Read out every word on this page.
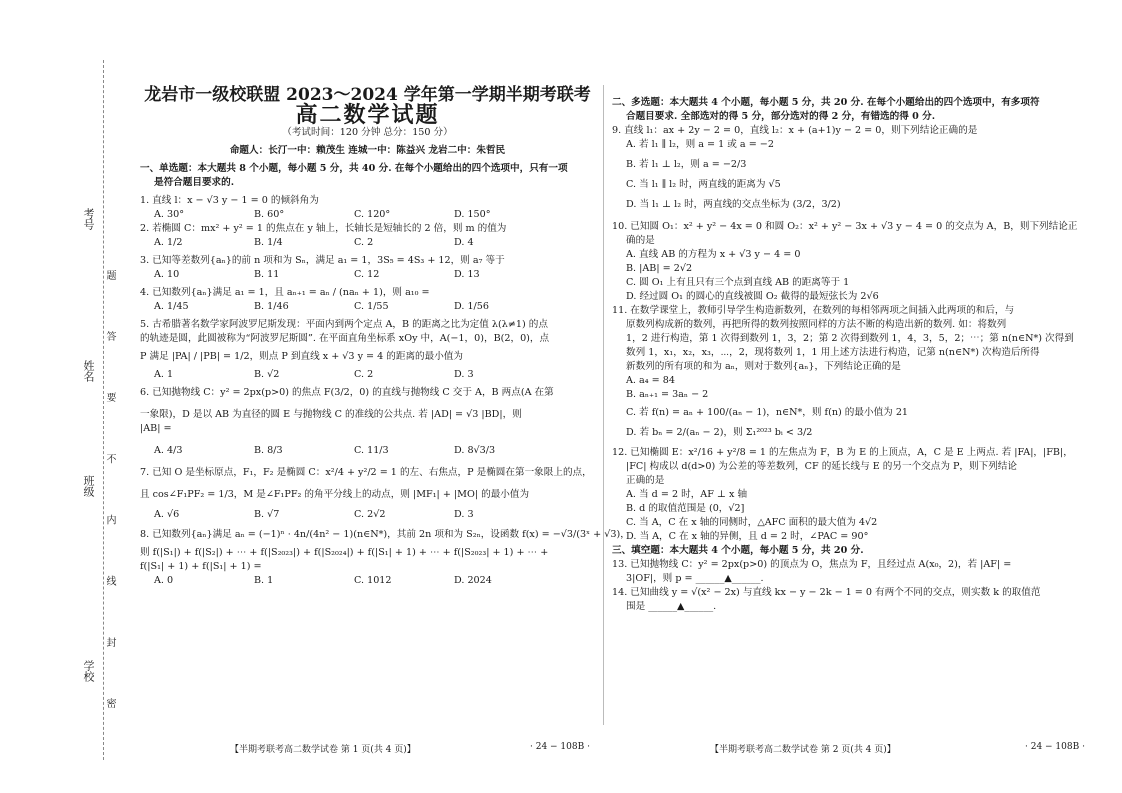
考号
姓名
班级
学校 题 答 要 不 内 线 封 密

龙岩市一级校联盟 2023～2024 学年第一学期半期考联考

高二数学试题

（考试时间：120 分钟 总分：150 分）

命题人：长汀一中：赖茂生 连城一中：陈益兴 龙岩二中：朱哲民

一、单选题：本大题共 8 个小题，每小题 5 分，共 40 分. 在每个小题给出的四个选项中，只有一项

是符合题目要求的.

1. 直线 l：x − √3 y − 1 = 0 的倾斜角为

A. 30°	B. 60°	C. 120°	D. 150°

2. 若椭圆 C：mx² + y² = 1 的焦点在 y 轴上，长轴长是短轴长的 2 倍，则 m 的值为

A. 1/2	B. 1/4	C. 2	D. 4

3. 已知等差数列{aₙ}的前 n 项和为 Sₙ，满足 a₁ = 1，3S₅ = 4S₃ + 12，则 a₇ 等于

A. 10	B. 11	C. 12	D. 13

4. 已知数列{aₙ}满足 a₁ = 1，且 aₙ₊₁ = aₙ / (naₙ + 1)，则 a₁₀ =

A. 1/45	B. 1/46	C. 1/55	D. 1/56

5. 古希腊著名数学家阿波罗尼斯发现：平面内到两个定点 A，B 的距离之比为定值 λ(λ≠1) 的点

的轨迹是圆，此圆被称为“阿波罗尼斯圆”. 在平面直角坐标系 xOy 中，A(−1，0)，B(2，0)，点

P 满足 |PA| / |PB| = 1/2，则点 P 到直线 x + √3 y = 4 的距离的最小值为

A. 1	B. √2	C. 2	D. 3

6. 已知抛物线 C：y² = 2px(p>0) 的焦点 F(3/2，0) 的直线与抛物线 C 交于 A，B 两点(A 在第

一象限)，D 是以 AB 为直径的圆 E 与抛物线 C 的准线的公共点. 若 |AD| = √3 |BD|，则

|AB| =

A. 4/3	B. 8/3	C. 11/3	D. 8√3/3

7. 已知 O 是坐标原点，F₁，F₂ 是椭圆 C：x²/4 + y²/2 = 1 的左、右焦点，P 是椭圆在第一象限上的点，

且 cos∠F₁PF₂ = 1/3，M 是∠F₁PF₂ 的角平分线上的动点，则 |MF₁| + |MO| 的最小值为

A. √6	B. √7	C. 2√2	D. 3

8. 已知数列{aₙ}满足 aₙ = (−1)ⁿ · 4n/(4n² − 1)(n∈N*)，其前 2n 项和为 S₂ₙ，设函数 f(x) = −√3/(3ˣ + √3)，

则 f(|S₁|) + f(|S₂|) + ⋯ + f(|S₂₀₂₃|) + f(|S₂₀₂₄|) + f(|S₁| + 1) + ⋯ + f(|S₂₀₂₃| + 1) + ⋯ +

f(|S₁| + 1) + f(|S₁| + 1) =

A. 0	B. 1	C. 1012	D. 2024
【半期考联考高二数学试卷 第 1 页(共 4 页)】	· 24 − 108B ·

二、多选题：本大题共 4 个小题，每小题 5 分，共 20 分. 在每个小题给出的四个选项中，有多项符

合题目要求. 全部选对的得 5 分，部分选对的得 2 分，有错选的得 0 分.

9. 直线 l₁：ax + 2y − 2 = 0，直线 l₂：x + (a+1)y − 2 = 0，则下列结论正确的是

A. 若 l₁ ∥ l₂，则 a = 1 或 a = −2

B. 若 l₁ ⊥ l₂，则 a = −2/3

C. 当 l₁ ∥ l₂ 时，两直线的距离为 √5

D. 当 l₁ ⊥ l₂ 时，两直线的交点坐标为 (3/2，3/2)

10. 已知圆 O₁：x² + y² − 4x = 0 和圆 O₂：x² + y² − 3x + √3 y − 4 = 0 的交点为 A，B，则下列结论正

确的是

A. 直线 AB 的方程为 x + √3 y − 4 = 0

B. |AB| = 2√2

C. 圆 O₁ 上有且只有三个点到直线 AB 的距离等于 1

D. 经过圆 O₁ 的圆心的直线被圆 O₂ 截得的最短弦长为 2√6

11. 在数学课堂上，教师引导学生构造新数列，在数列的每相邻两项之间插入此两项的和后，与

原数列构成新的数列，再把所得的数列按照同样的方法不断的构造出新的数列. 如：将数列

1，2 进行构造，第 1 次得到数列 1，3，2；第 2 次得到数列 1，4，3，5，2；⋯；第 n(n∈N*) 次得到

数列 1，x₁，x₂，x₃，⋯，2，现将数列 1，1 用上述方法进行构造，记第 n(n∈N*) 次构造后所得

新数列的所有项的和为 aₙ，则对于数列{aₙ}，下列结论正确的是

A. a₄ = 84

B. aₙ₊₁ = 3aₙ − 2

C. 若 f(n) = aₙ + 100/(aₙ − 1)，n∈N*，则 f(n) 的最小值为 21

D. 若 bₙ = 2/(aₙ − 2)，则 Σ₁²⁰²³ bᵢ < 3/2

12. 已知椭圆 E：x²/16 + y²/8 = 1 的左焦点为 F，B 为 E 的上顶点，A，C 是 E 上两点. 若 |FA|，|FB|，

|FC| 构成以 d(d>0) 为公差的等差数列，CF 的延长线与 E 的另一个交点为 P，则下列结论

正确的是

A. 当 d = 2 时，AF ⊥ x 轴

B. d 的取值范围是 (0，√2]

C. 当 A，C 在 x 轴的同侧时，△AFC 面积的最大值为 4√2

D. 当 A，C 在 x 轴的异侧，且 d = 2 时，∠PAC = 90°

三、填空题：本大题共 4 个小题，每小题 5 分，共 20 分.

13. 已知抛物线 C：y² = 2px(p>0) 的顶点为 O，焦点为 F，且经过点 A(x₀，2)，若 |AF| =

3|OF|，则 p = ______▲______.

14. 已知曲线 y = √(x² − 2x) 与直线 kx − y − 2k − 1 = 0 有两个不同的交点，则实数 k 的取值范

围是 ______▲______.

【半期考联考高二数学试卷 第 2 页(共 4 页)】	· 24 − 108B ·
